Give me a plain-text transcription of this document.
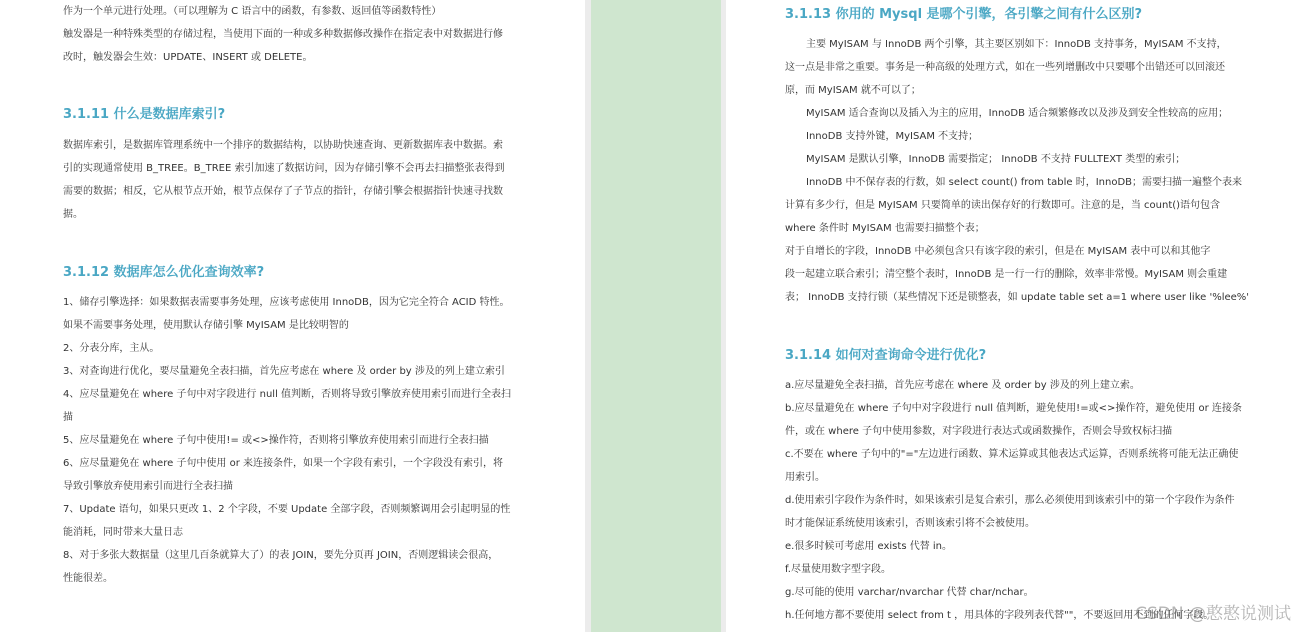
作为一个单元进行处理。（可以理解为 C 语言中的函数，有参数、返回值等函数特性）
触发器是一种特殊类型的存储过程，当使用下面的一种或多种数据修改操作在指定表中对数据进行修
改时，触发器会生效：UPDATE、INSERT 或 DELETE。
3.1.11 什么是数据库索引?
数据库索引，是数据库管理系统中一个排序的数据结构，以协助快速查询、更新数据库表中数据。索
引的实现通常使用 B_TREE。B_TREE 索引加速了数据访问，因为存储引擎不会再去扫描整张表得到
需要的数据；相反，它从根节点开始，根节点保存了子节点的指针，存储引擎会根据指针快速寻找数
据。
3.1.12 数据库怎么优化查询效率?
1、储存引擎选择：如果数据表需要事务处理，应该考虑使用 InnoDB，因为它完全符合 ACID 特性。
如果不需要事务处理，使用默认存储引擎 MyISAM 是比较明智的
2、分表分库，主从。
3、对查询进行优化，要尽量避免全表扫描，首先应考虑在 where 及 order by 涉及的列上建立索引
4、应尽量避免在 where 子句中对字段进行 null 值判断，否则将导致引擎放弃使用索引而进行全表扫
描
5、应尽量避免在 where 子句中使用!= 或<>操作符，否则将引擎放弃使用索引而进行全表扫描
6、应尽量避免在 where 子句中使用 or 来连接条件，如果一个字段有索引，一个字段没有索引，将
导致引擎放弃使用索引而进行全表扫描
7、Update 语句，如果只更改 1、2 个字段，不要 Update 全部字段，否则频繁调用会引起明显的性
能消耗，同时带来大量日志
8、对于多张大数据量（这里几百条就算大了）的表 JOIN，要先分页再 JOIN，否则逻辑读会很高，
性能很差。
3.1.13 你用的 Mysql 是哪个引擎，各引擎之间有什么区别?
主要 MyISAM 与 InnoDB 两个引擎，其主要区别如下：InnoDB 支持事务，MyISAM 不支持，
这一点是非常之重要。事务是一种高级的处理方式，如在一些列增删改中只要哪个出错还可以回滚还
原，而 MyISAM 就不可以了；
MyISAM 适合查询以及插入为主的应用，InnoDB 适合频繁修改以及涉及到安全性较高的应用；
InnoDB 支持外键，MyISAM 不支持；
MyISAM 是默认引擎，InnoDB 需要指定； InnoDB 不支持 FULLTEXT 类型的索引；
InnoDB 中不保存表的行数，如 select count() from table 时，InnoDB；需要扫描一遍整个表来
计算有多少行，但是 MyISAM 只要简单的读出保存好的行数即可。注意的是，当 count()语句包含
where 条件时 MyISAM 也需要扫描整个表；
对于自增长的字段，InnoDB 中必须包含只有该字段的索引，但是在 MyISAM 表中可以和其他字
段一起建立联合索引；清空整个表时，InnoDB 是一行一行的删除，效率非常慢。MyISAM 则会重建
表； InnoDB 支持行锁（某些情况下还是锁整表，如 update table set a=1 where user like '%lee%'
3.1.14 如何对查询命令进行优化?
a.应尽量避免全表扫描，首先应考虑在 where 及 order by 涉及的列上建立索。
b.应尽量避免在 where 子句中对字段进行 null 值判断，避免使用!=或<>操作符，避免使用 or 连接条
件，或在 where 子句中使用参数，对字段进行表达式或函数操作，否则会导致权标扫描
c.不要在 where 子句中的"="左边进行函数、算术运算或其他表达式运算，否则系统将可能无法正确使
用索引。
d.使用索引字段作为条件时，如果该索引是复合索引，那么必须使用到该索引中的第一个字段作为条件
时才能保证系统使用该索引，否则该索引将不会被使用。
e.很多时候可考虑用 exists 代替 in。
f.尽量使用数字型字段。
g.尽可能的使用 varchar/nvarchar 代替 char/nchar。
h.任何地方都不要使用 select from t ，用具体的字段列表代替""，不要返回用不到的任何字段。
CSDN @憨憨说测试
